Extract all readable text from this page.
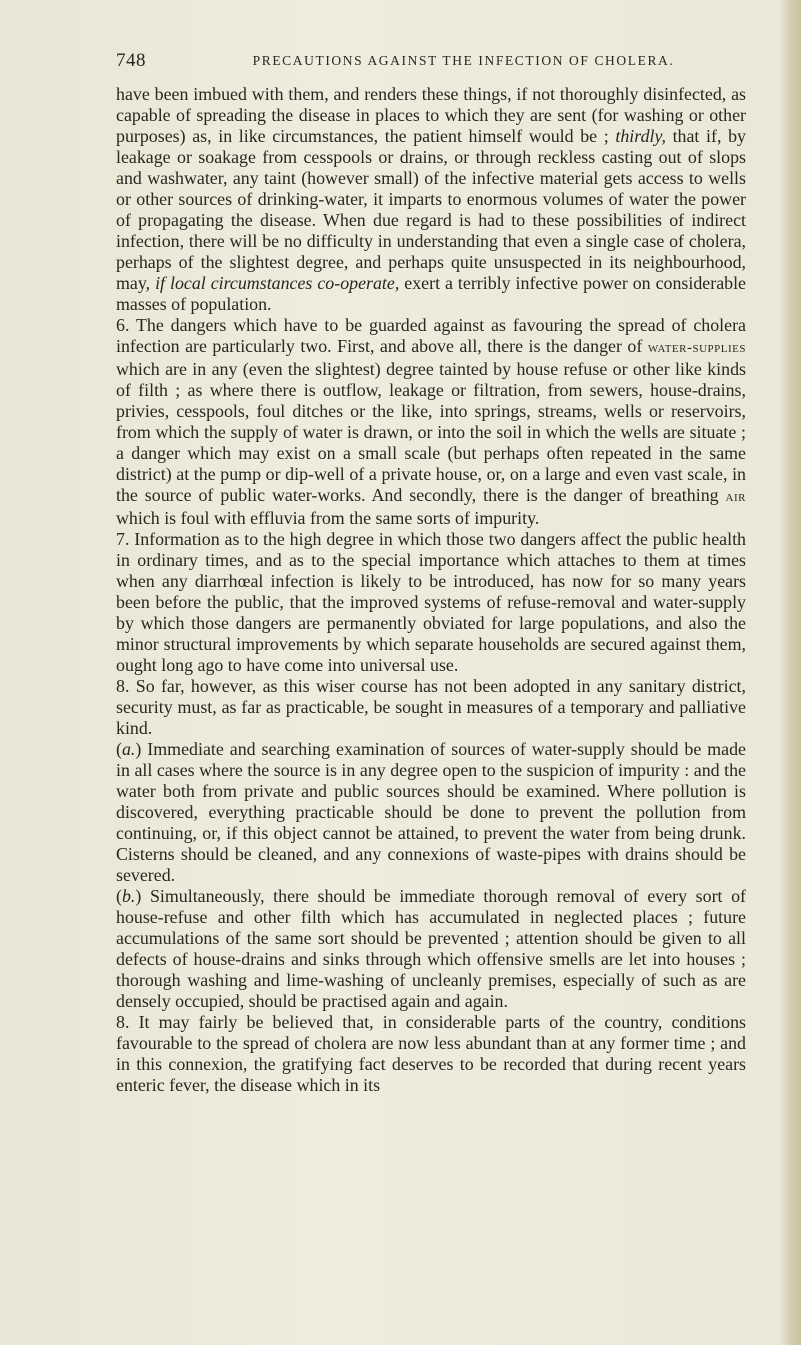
748	PRECAUTIONS AGAINST THE INFECTION OF CHOLERA.

have been imbued with them, and renders these things, if not thoroughly disinfected, as capable of spreading the disease in places to which they are sent (for washing or other purposes) as, in like circumstances, the patient himself would be ; thirdly, that if, by leakage or soakage from cesspools or drains, or through reckless casting out of slops and washwater, any taint (however small) of the infective material gets access to wells or other sources of drinking-water, it imparts to enormous volumes of water the power of propagating the disease. When due regard is had to these possibilities of indirect infection, there will be no difficulty in understanding that even a single case of cholera, perhaps of the slightest degree, and perhaps quite unsuspected in its neighbourhood, may, if local circumstances co-operate, exert a terribly infective power on considerable masses of population.

6. The dangers which have to be guarded against as favouring the spread of cholera infection are particularly two. First, and above all, there is the danger of water-supplies which are in any (even the slightest) degree tainted by house refuse or other like kinds of filth ; as where there is outflow, leakage or filtration, from sewers, house-drains, privies, cesspools, foul ditches or the like, into springs, streams, wells or reservoirs, from which the supply of water is drawn, or into the soil in which the wells are situate ; a danger which may exist on a small scale (but perhaps often repeated in the same district) at the pump or dip-well of a private house, or, on a large and even vast scale, in the source of public water-works. And secondly, there is the danger of breathing air which is foul with effluvia from the same sorts of impurity.

7. Information as to the high degree in which those two dangers affect the public health in ordinary times, and as to the special importance which attaches to them at times when any diarrhœal infection is likely to be introduced, has now for so many years been before the public, that the improved systems of refuse-removal and water-supply by which those dangers are permanently obviated for large populations, and also the minor structural improvements by which separate households are secured against them, ought long ago to have come into universal use.

8. So far, however, as this wiser course has not been adopted in any sanitary district, security must, as far as practicable, be sought in measures of a temporary and palliative kind.

(a.) Immediate and searching examination of sources of water-supply should be made in all cases where the source is in any degree open to the suspicion of impurity : and the water both from private and public sources should be examined. Where pollution is discovered, everything practicable should be done to prevent the pollution from continuing, or, if this object cannot be attained, to prevent the water from being drunk. Cisterns should be cleaned, and any connexions of waste-pipes with drains should be severed.

(b.) Simultaneously, there should be immediate thorough removal of every sort of house-refuse and other filth which has accumulated in neglected places ; future accumulations of the same sort should be prevented ; attention should be given to all defects of house-drains and sinks through which offensive smells are let into houses ; thorough washing and lime-washing of uncleanly premises, especially of such as are densely occupied, should be practised again and again.

8. It may fairly be believed that, in considerable parts of the country, conditions favourable to the spread of cholera are now less abundant than at any former time ; and in this connexion, the gratifying fact deserves to be recorded that during recent years enteric fever, the disease which in its
